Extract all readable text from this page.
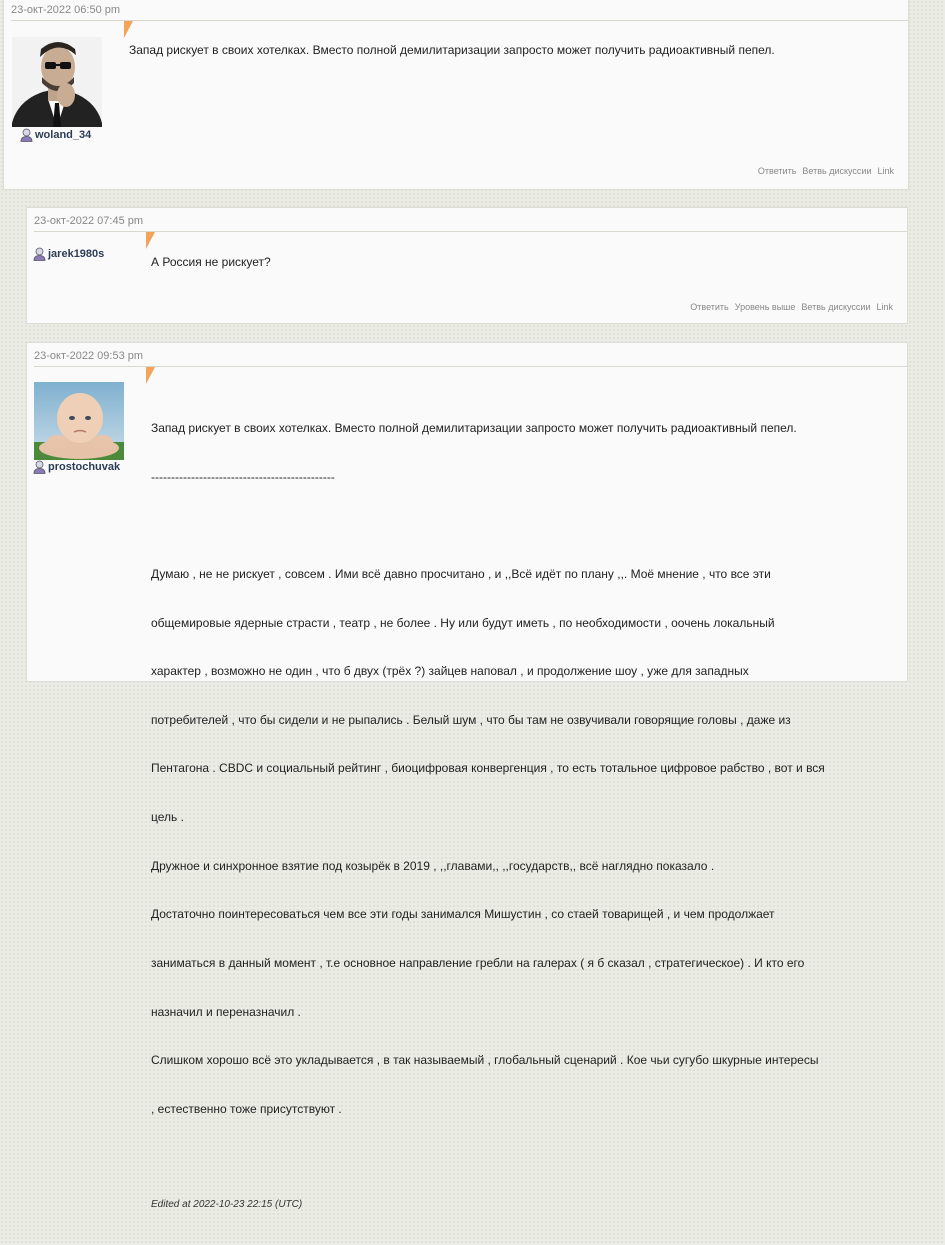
23-окт-2022 06:50 pm
woland_34
Запад рискует в своих хотелках. Вместо полной демилитаризации запросто может получить радиоактивный пепел.
Ответить Ветвь дискуссии Link
23-окт-2022 07:45 pm
jarek1980s
А Россия не рискует?
Ответить Уровень выше Ветвь дискуссии Link
23-окт-2022 09:53 pm
prostochuvak

Запад рискует в своих хотелках. Вместо полной демилитаризации запросто может получить радиоактивный пепел.

----------------------------------------------

Думаю , не не рискует , совсем . Ими всё давно просчитано , и ,,Всё идёт по плану ,,. Моё мнение , что все эти

общемировые ядерные страсти , театр , не более . Ну или будут иметь , по необходимости , оочень локальный

характер , возможно не один , что б двух (трёх ?) зайцев наповал , и продолжение шоу , уже для западных

потребителей , что бы сидели и не рыпались . Белый шум , что бы там не озвучивали говорящие головы , даже из

Пентагона . CBDC и социальный рейтинг , биоцифровая конвергенция , то есть тотальное цифровое рабство , вот и вся

цель .

Дружное и синхронное взятие под козырёк в 2019 , ,,главами,, ,,государств,, всё наглядно показало .

Достаточно поинтересоваться чем все эти годы занимался Мишустин , со стаей товарищей , и чем продолжает

заниматься в данный момент , т.е основное направление гребли на галерах ( я б сказал , стратегическое) . И кто его

назначил и переназначил .

Слишком хорошо всё это укладывается , в так называемый , глобальный сценарий . Кое чьи сугубо шкурные интересы

, естественно тоже присутствуют .

Edited at 2022-10-23 22:15 (UTC)
